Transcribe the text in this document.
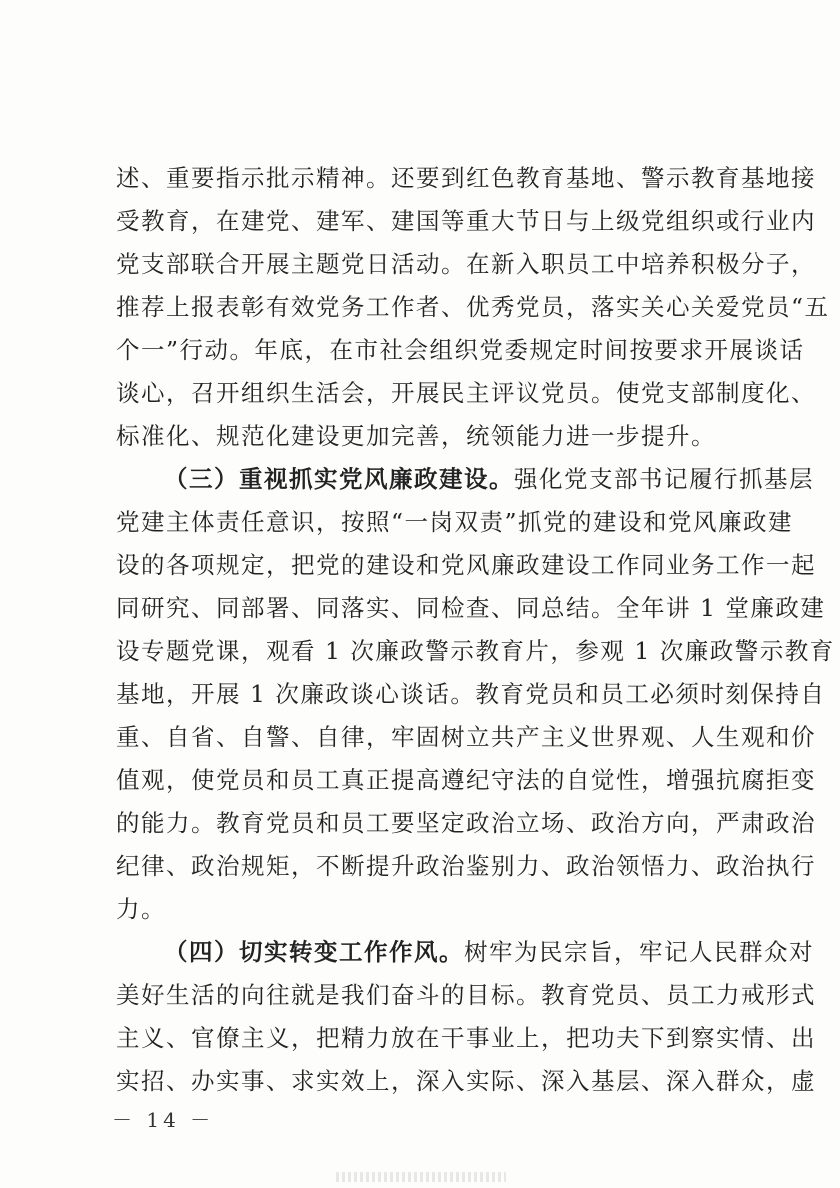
述、重要指示批示精神。还要到红色教育基地、警示教育基地接
受教育，在建党、建军、建国等重大节日与上级党组织或行业内
党支部联合开展主题党日活动。在新入职员工中培养积极分子，
推荐上报表彰有效党务工作者、优秀党员，落实关心关爱党员“五
个一”行动。年底，在市社会组织党委规定时间按要求开展谈话
谈心，召开组织生活会，开展民主评议党员。使党支部制度化、
标准化、规范化建设更加完善，统领能力进一步提升。
（三）重视抓实党风廉政建设。强化党支部书记履行抓基层
党建主体责任意识，按照“一岗双责”抓党的建设和党风廉政建
设的各项规定，把党的建设和党风廉政建设工作同业务工作一起
同研究、同部署、同落实、同检查、同总结。全年讲 1 堂廉政建
设专题党课，观看 1 次廉政警示教育片，参观 1 次廉政警示教育
基地，开展 1 次廉政谈心谈话。教育党员和员工必须时刻保持自
重、自省、自警、自律，牢固树立共产主义世界观、人生观和价
值观，使党员和员工真正提高遵纪守法的自觉性，增强抗腐拒变
的能力。教育党员和员工要坚定政治立场、政治方向，严肃政治
纪律、政治规矩，不断提升政治鉴别力、政治领悟力、政治执行
力。
（四）切实转变工作作风。树牢为民宗旨，牢记人民群众对
美好生活的向往就是我们奋斗的目标。教育党员、员工力戒形式
主义、官僚主义，把精力放在干事业上，把功夫下到察实情、出
实招、办实事、求实效上，深入实际、深入基层、深入群众，虚
－ 14 －
